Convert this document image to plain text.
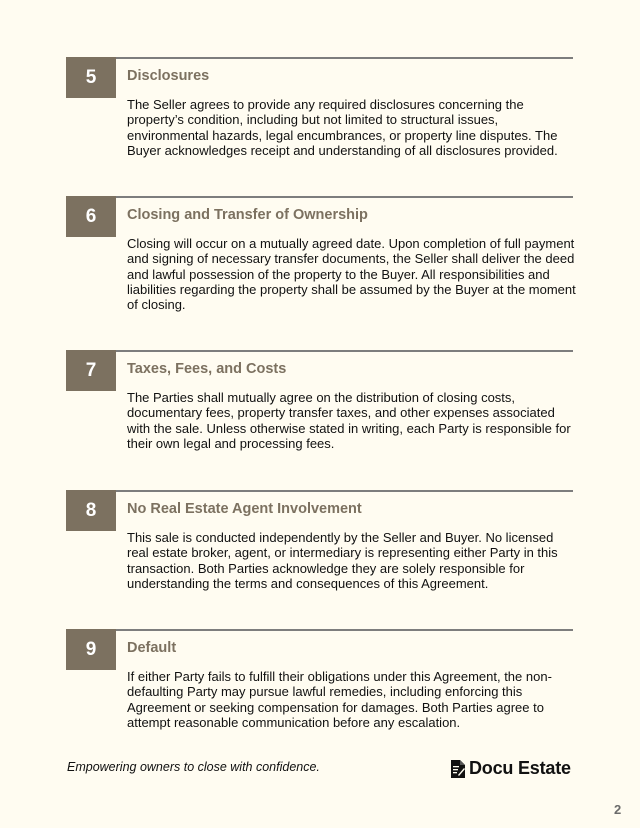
5	Disclosures
The Seller agrees to provide any required disclosures concerning the property’s condition, including but not limited to structural issues, environmental hazards, legal encumbrances, or property line disputes. The Buyer acknowledges receipt and understanding of all disclosures provided.
6	Closing and Transfer of Ownership
Closing will occur on a mutually agreed date. Upon completion of full payment and signing of necessary transfer documents, the Seller shall deliver the deed and lawful possession of the property to the Buyer. All responsibilities and liabilities regarding the property shall be assumed by the Buyer at the moment of closing.
7	Taxes, Fees, and Costs
The Parties shall mutually agree on the distribution of closing costs, documentary fees, property transfer taxes, and other expenses associated with the sale. Unless otherwise stated in writing, each Party is responsible for their own legal and processing fees.
8	No Real Estate Agent Involvement
This sale is conducted independently by the Seller and Buyer. No licensed real estate broker, agent, or intermediary is representing either Party in this transaction. Both Parties acknowledge they are solely responsible for understanding the terms and consequences of this Agreement.
9	Default
If either Party fails to fulfill their obligations under this Agreement, the non-defaulting Party may pursue lawful remedies, including enforcing this Agreement or seeking compensation for damages. Both Parties agree to attempt reasonable communication before any escalation.
Empowering owners to close with confidence.	Docu Estate
2
